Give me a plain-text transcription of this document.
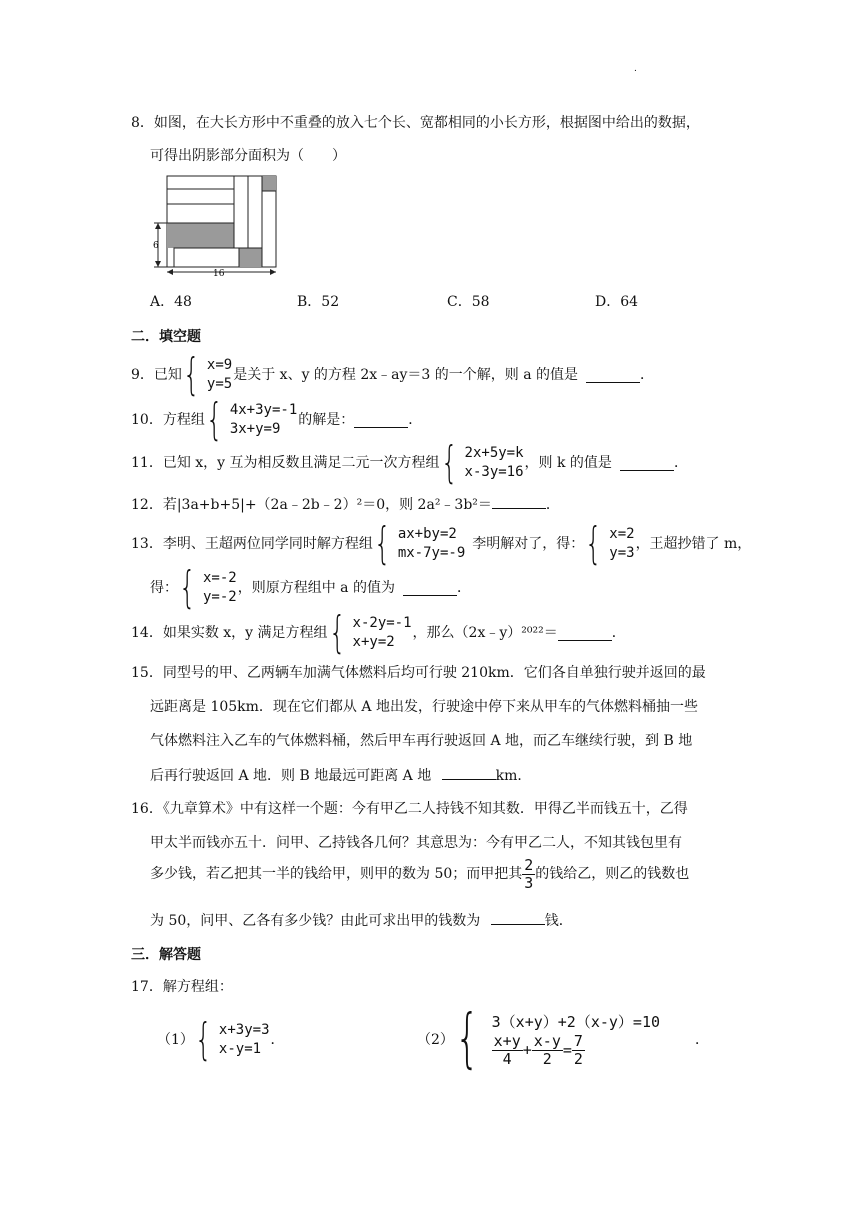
.
8．如图，在大长方形中不重叠的放入七个长、宽都相同的小长方形，根据图中给出的数据，
可得出阴影部分面积为（　　）
6
16
A．48	B．52	C．58	D．64
二．填空题
9．已知 { x=9
y=5
是关于 x、y 的方程 2x﹣ay＝3 的一个解，则 a 的值是	．
10．方程组 { 4x+3y=-1
3x+y=9
的解是：	．
11．已知 x，y 互为相反数且满足二元一次方程组 { 2x+5y=k
x-3y=16
，则 k 的值是	．
12．若|3a+b+5|+（2a﹣2b﹣2）²＝0，则 2a²﹣3b²＝	．
13．李明、王超两位同学同时解方程组 { ax+by=2
mx-7y=-9
李明解对了，得： { x=2
y=3
，王超抄错了 m，
得： { x=-2
y=-2
，则原方程组中 a 的值为	．
14．如果实数 x，y 满足方程组 { x-2y=-1
x+y=2
，那么（2x﹣y）²⁰²²＝	．
15．同型号的甲、乙两辆车加满气体燃料后均可行驶 210km．它们各自单独行驶并返回的最
远距离是 105km．现在它们都从 A 地出发，行驶途中停下来从甲车的气体燃料桶抽一些
气体燃料注入乙车的气体燃料桶，然后甲车再行驶返回 A 地，而乙车继续行驶，到 B 地
后再行驶返回 A 地．则 B 地最远可距离 A 地	km．
16．《九章算术》中有这样一个题：今有甲乙二人持钱不知其数．甲得乙半而钱五十，乙得
甲太半而钱亦五十．问甲、乙持钱各几何？其意思为：今有甲乙二人，不知其钱包里有
多少钱，若乙把其一半的钱给甲，则甲的数为 50；而甲把其 $\frac{2}{3}$ 的钱给乙，则乙的钱数也
为 50，问甲、乙各有多少钱？由此可求出甲的钱数为	钱．
三．解答题
17．解方程组：
（1） { x+3y=3
x-y=1
．	（2） { 3（x+y）+2（x-y）=10
$\frac{x+y}{4} + \frac{x-y}{2} = \frac{7}{2}$	．
